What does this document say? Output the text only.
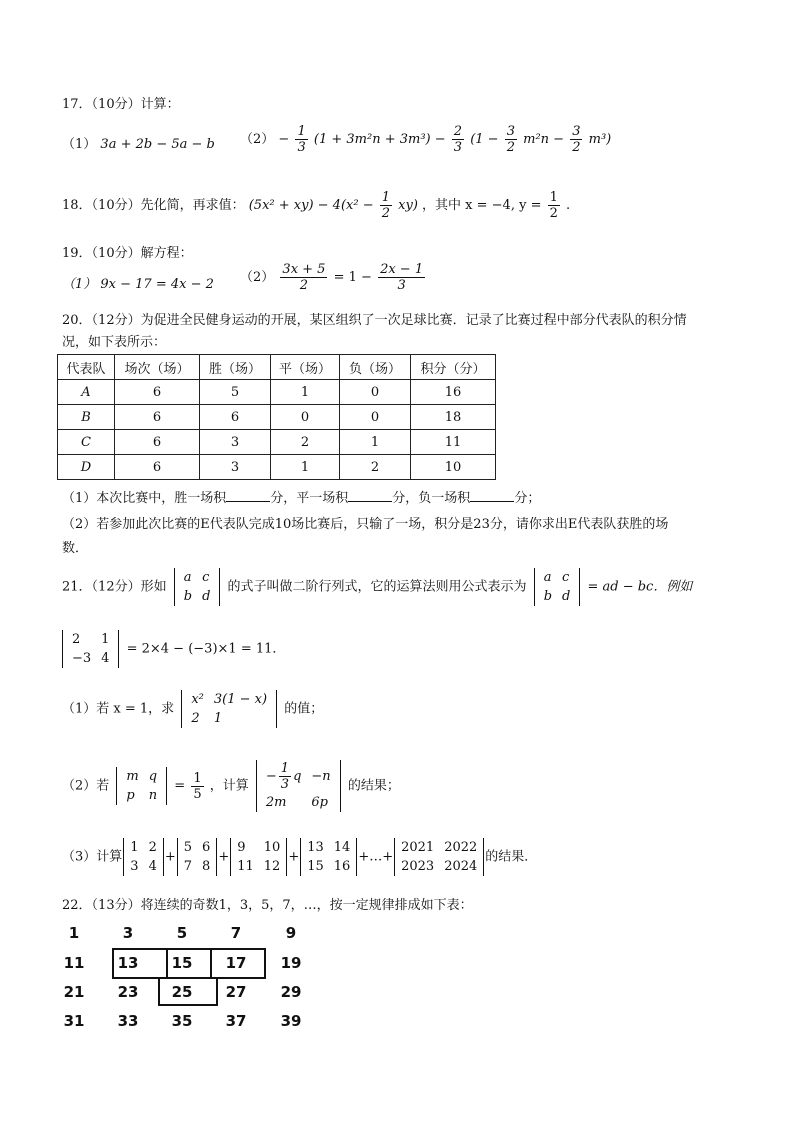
17．（10分）计算：
（1） 3a + 2b − 5a − b $(2) - \frac{1}{3} (1 + 3m^2n + 3m^3) - \frac{2}{3} (1 - \frac{3}{2} m^2n - \frac{3}{2} m^3)$
18．（10分）先化简，再求值： $(5x^2 + xy) - 4(x^2 - \frac{1}{2} xy)$ ，其中 x = −4, $y = \frac{1}{2}$ .
19．（10分）解方程：
（1） 9x − 17 = 4x − 2 $(2) \frac{3x + 5}{2} = 1 - \frac{2x - 1}{3}$
20．（12分）为促进全民健身运动的开展，某区组织了一次足球比赛．记录了比赛过程中部分代表队的积分情
况，如下表所示：
代表队	场次（场）	胜（场）	平（场）	负（场）	积分（分）
A	6	5	1	0	16
B	6	6	0	0	18
C	6	3	2	1	11
D	6	3	1	2	10
（1）本次比赛中，胜一场积	分，平一场积	分，负一场积	分；
（2）若参加此次比赛的E代表队完成10场比赛后，只输了一场，积分是23分，请你求出E代表队获胜的场
数．
21．（12分）形如
a	c
b	d
的式子叫做二阶行列式，它的运算法则用公式表示为
a	c
b	d
= ad − bc．例如
2	1
−3	4
= 2×4 − (−3)×1 = 11．
（1）若 x = 1，求
x²	3(1 − x)
2	1
的值；
（2）若
m	q
p	n
= $\frac{1}{5}$ ，计算
− $\frac{1}{3}$ q	−n
2m	6p
的结果；
（3）计算
1	2
3	4
+
5	6
7	8
+
9	10
11	12
+
13	14
15	16
+…+
2021	2022
2023	2024
的结果．
22．（13分）将连续的奇数1，3，5，7，…，按一定规律排成如下表：
1	3	5	7	9
11	13	15	17	19
21	23	25	27	29
31	33	35	37	39
